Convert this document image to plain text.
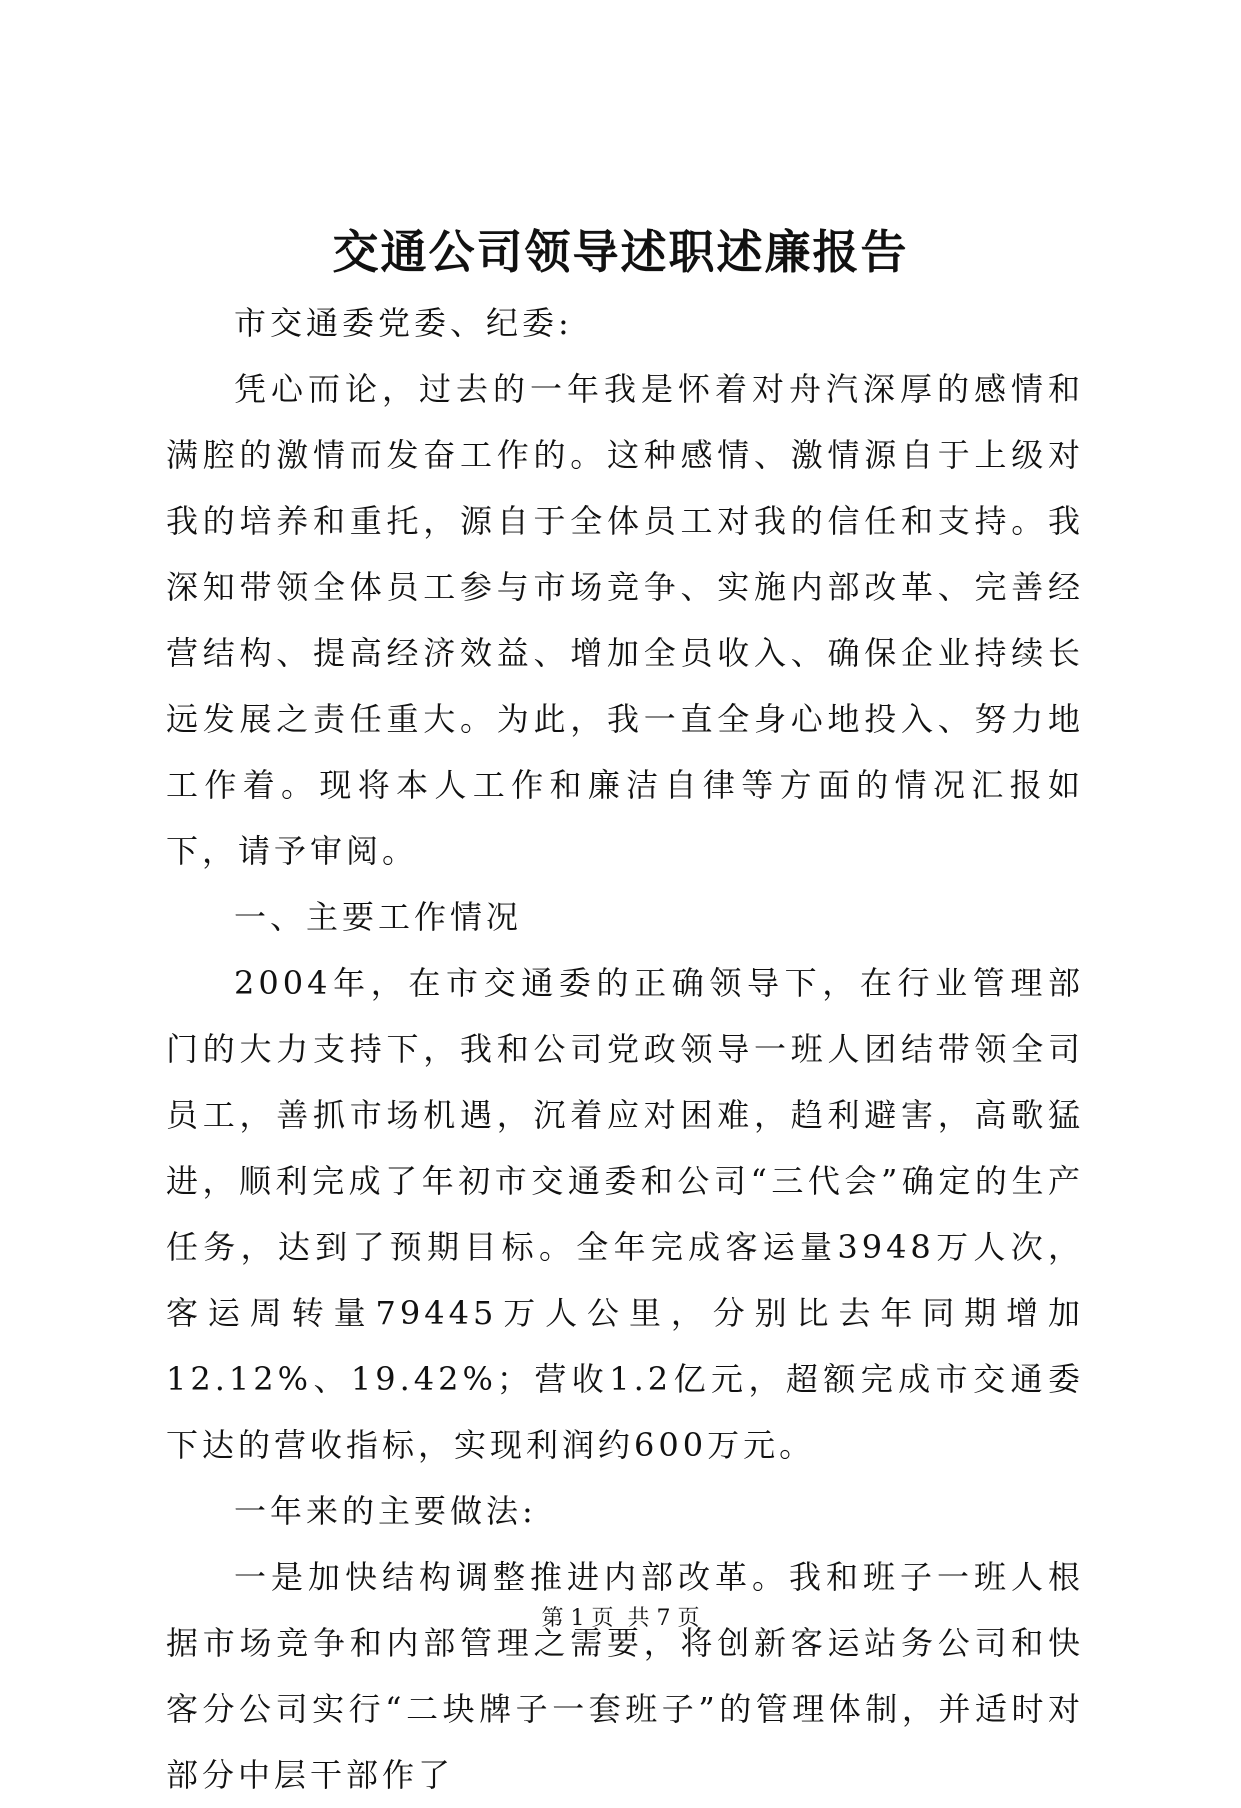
交通公司领导述职述廉报告

市交通委党委、纪委:

凭心而论，过去的一年我是怀着对舟汽深厚的感情和满腔的激情而发奋工作的。这种感情、激情源自于上级对我的培养和重托，源自于全体员工对我的信任和支持。我深知带领全体员工参与市场竞争、实施内部改革、完善经营结构、提高经济效益、增加全员收入、确保企业持续长远发展之责任重大。为此，我一直全身心地投入、努力地工作着。现将本人工作和廉洁自律等方面的情况汇报如下，请予审阅。

一、主要工作情况

2004年，在市交通委的正确领导下，在行业管理部门的大力支持下，我和公司党政领导一班人团结带领全司员工，善抓市场机遇，沉着应对困难，趋利避害，高歌猛进，顺利完成了年初市交通委和公司“三代会”确定的生产任务，达到了预期目标。全年完成客运量3948万人次，客运周转量79445万人公里，分别比去年同期增加12.12%、19.42%；营收1.2亿元，超额完成市交通委下达的营收指标，实现利润约600万元。

一年来的主要做法:

一是加快结构调整推进内部改革。我和班子一班人根据市场竞争和内部管理之需要，将创新客运站务公司和快客分公司实行“二块牌子一套班子”的管理体制，并适时对部分中层干部作了

第 1 页  共 7 页
